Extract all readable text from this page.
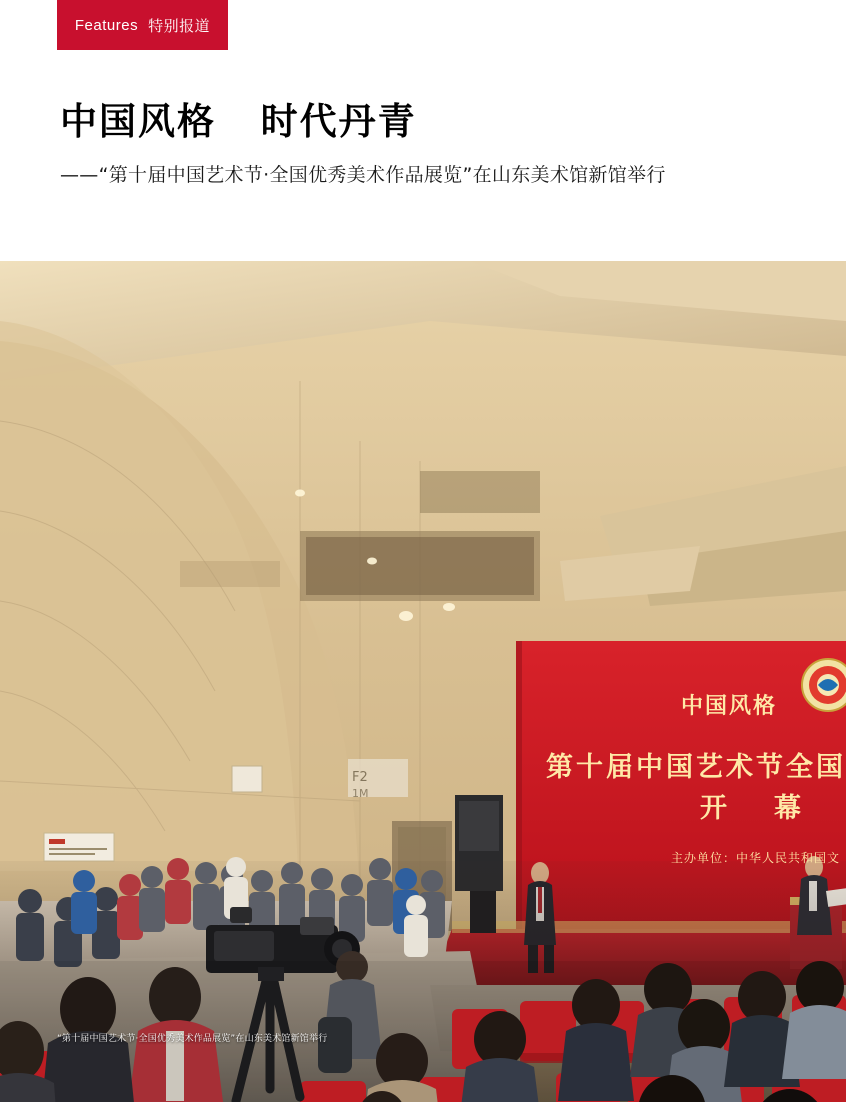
Features 特别报道
中国风格   时代丹青
——“第十届中国艺术节·全国优秀美术作品展览”在山东美术馆新馆举行
F2
1M
中国风格
第十届中国艺术节全国
开　幕
主办单位：中华人民共和国文
“第十届中国艺术节·全国优秀美术作品展览”在山东美术馆新馆举行
